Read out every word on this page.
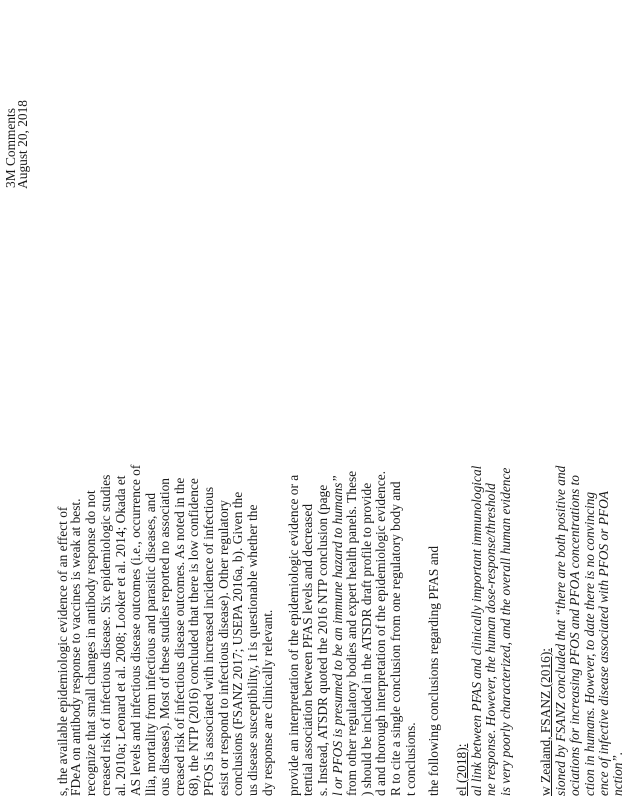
3M Comments
August 20, 2018
s, the available epidemiologic evidence of an effect of
FDeA on antibody response to vaccines is weak at best. recognize that small changes in antibody response do not creased risk of infectious disease. Six epidemiologic studies al. 2010a; Leonard et al. 2008; Looker et al. 2014; Okada et AS levels and infectious disease outcomes (i.e., occurrence of llia, mortality from infectious and parasitic diseases, and ous diseases). Most of these studies reported no association creased risk of infectious disease outcomes. As noted in the 68), the NTP (2016) concluded that there is low confidence PFOS is associated with increased incidence of infectious esist or respond to infectious disease). Other regulatory conclusions (FSANZ 2017; USEPA 2016a, b). Given the us disease susceptibility, it is questionable whether the dy response are clinically relevant. provide an interpretation of the epidemiologic evidence or a tential association between PFAS levels and decreased s. Instead, ATSDR quoted the 2016 NTP conclusion (page l or PFOS is presumed to be an immune hazard to humans” from other regulatory bodies and expert health panels. These ) should be included in the ATSDR draft profile to provide d and thorough interpretation of the epidemiologic evidence. R to cite a single conclusion from one regulatory body and t conclusions. the following conclusions regarding PFAS and el (2018): al link between PFAS and clinically important immunological ne response. However, the human dose-response/threshold is very poorly characterized, and the overall human evidence w Zealand, FSANZ (2016): sioned by FSANZ concluded that “there are both positive and ociations for increasing PFOS and PFOA concentrations to ction in humans. However, to date there is no convincing ence of infective disease associated with PFOS or PFOA nction”.
